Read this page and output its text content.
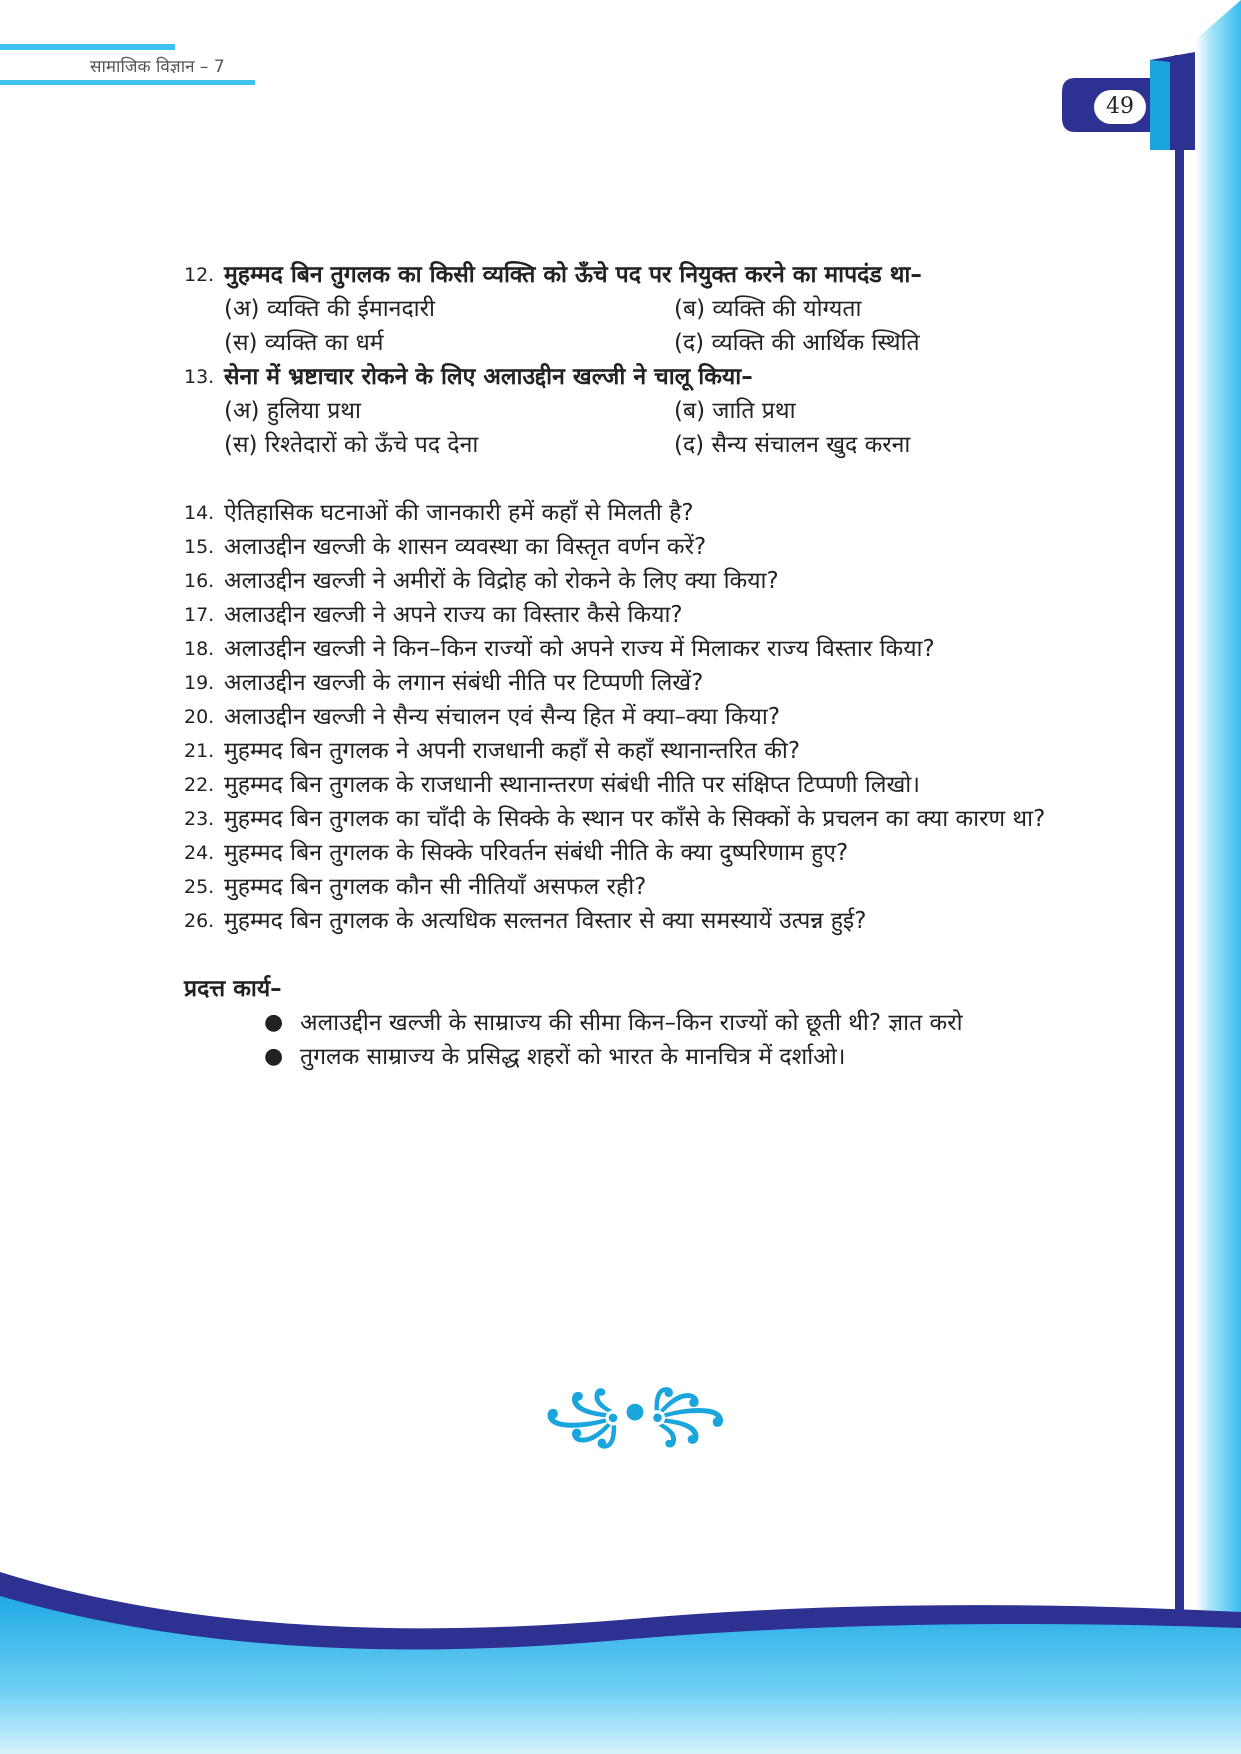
सामाजिक विज्ञान – 7
49
12. मुहम्मद बिन तुगलक का किसी व्यक्ति को ऊँचे पद पर नियुक्त करने का मापदंड था–
(अ) व्यक्ति की ईमानदारी	(ब) व्यक्ति की योग्यता
(स) व्यक्ति का धर्म	(द) व्यक्ति की आर्थिक स्थिति
13. सेना में भ्रष्टाचार रोकने के लिए अलाउद्दीन खल्जी ने चालू किया–
(अ) हुलिया प्रथा	(ब) जाति प्रथा
(स) रिश्तेदारों को ऊँचे पद देना	(द) सैन्य संचालन खुद करना
14. ऐतिहासिक घटनाओं की जानकारी हमें कहाँ से मिलती है?
15. अलाउद्दीन खल्जी के शासन व्यवस्था का विस्तृत वर्णन करें?
16. अलाउद्दीन खल्जी ने अमीरों के विद्रोह को रोकने के लिए क्या किया?
17. अलाउद्दीन खल्जी ने अपने राज्य का विस्तार कैसे किया?
18. अलाउद्दीन खल्जी ने किन–किन राज्यों को अपने राज्य में मिलाकर राज्य विस्तार किया?
19. अलाउद्दीन खल्जी के लगान संबंधी नीति पर टिप्पणी लिखें?
20. अलाउद्दीन खल्जी ने सैन्य संचालन एवं सैन्य हित में क्या–क्या किया?
21. मुहम्मद बिन तुगलक ने अपनी राजधानी कहाँ से कहाँ स्थानान्तरित की?
22. मुहम्मद बिन तुगलक के राजधानी स्थानान्तरण संबंधी नीति पर संक्षिप्त टिप्पणी लिखो।
23. मुहम्मद बिन तुगलक का चाँदी के सिक्के के स्थान पर काँसे के सिक्कों के प्रचलन का क्या कारण था?
24. मुहम्मद बिन तुगलक के सिक्के परिवर्तन संबंधी नीति के क्या दुष्परिणाम हुए?
25. मुहम्मद बिन तुगलक कौन सी नीतियाँ असफल रही?
26. मुहम्मद बिन तुगलक के अत्यधिक सल्तनत विस्तार से क्या समस्यायें उत्पन्न हुई?
प्रदत्त कार्य–
● अलाउद्दीन खल्जी के साम्राज्य की सीमा किन–किन राज्यों को छूती थी? ज्ञात करो
● तुगलक साम्राज्य के प्रसिद्ध शहरों को भारत के मानचित्र में दर्शाओ।
꧁•꧂
